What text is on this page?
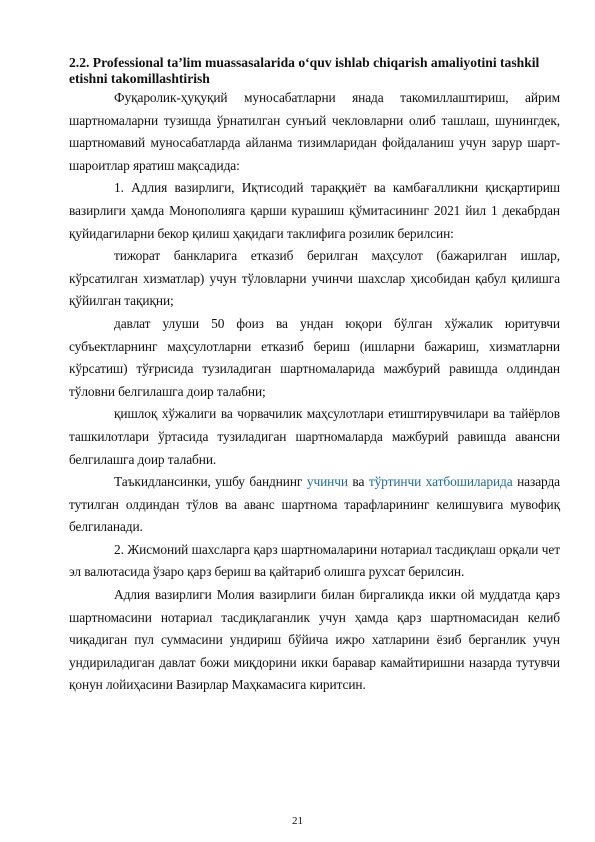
2.2. Professional ta’lim muassasalarida o‘quv ishlab chiqarish amaliyotini tashkil etishni takomillashtirish

Фуқаролик-ҳуқуқий муносабатларни янада такомиллаштириш, айрим шартномаларни тузишда ўрнатилган сунъий чекловларни олиб ташлаш, шунингдек, шартномавий муносабатларда айланма тизимларидан фойдаланиш учун зарур шарт-шароитлар яратиш мақсадида:

1. Адлия вазирлиги, Иқтисодий тараққиёт ва камбағалликни қисқартириш вазирлиги ҳамда Монополияга қарши курашиш қўмитасининг 2021 йил 1 декабрдан қуйидагиларни бекор қилиш ҳақидаги таклифига розилик берилсин:

тижорат банкларига етказиб берилган маҳсулот (бажарилган ишлар, кўрсатилган хизматлар) учун тўловларни учинчи шахслар ҳисобидан қабул қилишга қўйилган тақиқни;

давлат улуши 50 фоиз ва ундан юқори бўлган хўжалик юритувчи субъектларнинг маҳсулотларни етказиб бериш (ишларни бажариш, хизматларни кўрсатиш) тўғрисида тузиладиган шартномаларида мажбурий равишда олдиндан тўловни белгилашга доир талабни;

қишлоқ хўжалиги ва чорвачилик маҳсулотлари етиштирувчилари ва тайёрлов ташкилотлари ўртасида тузиладиган шартномаларда мажбурий равишда авансни белгилашга доир талабни.

Таъкидлансинки, ушбу банднинг учинчи ва тўртинчи хатбошиларида назарда тутилган олдиндан тўлов ва аванс шартнома тарафларининг келишувига мувофиқ белгиланади.

2. Жисмоний шахсларга қарз шартномаларини нотариал тасдиқлаш орқали чет эл валютасида ўзаро қарз бериш ва қайтариб олишга рухсат берилсин.

Адлия вазирлиги Молия вазирлиги билан биргаликда икки ой муддатда қарз шартномасини нотариал тасдиқлаганлик учун ҳамда қарз шартномасидан келиб чиқадиган пул суммасини ундириш бўйича ижро хатларини ёзиб берганлик учун ундириладиган давлат божи миқдорини икки баравар камайтиришни назарда тутувчи қонун лойиҳасини Вазирлар Маҳкамасига киритсин.

21
